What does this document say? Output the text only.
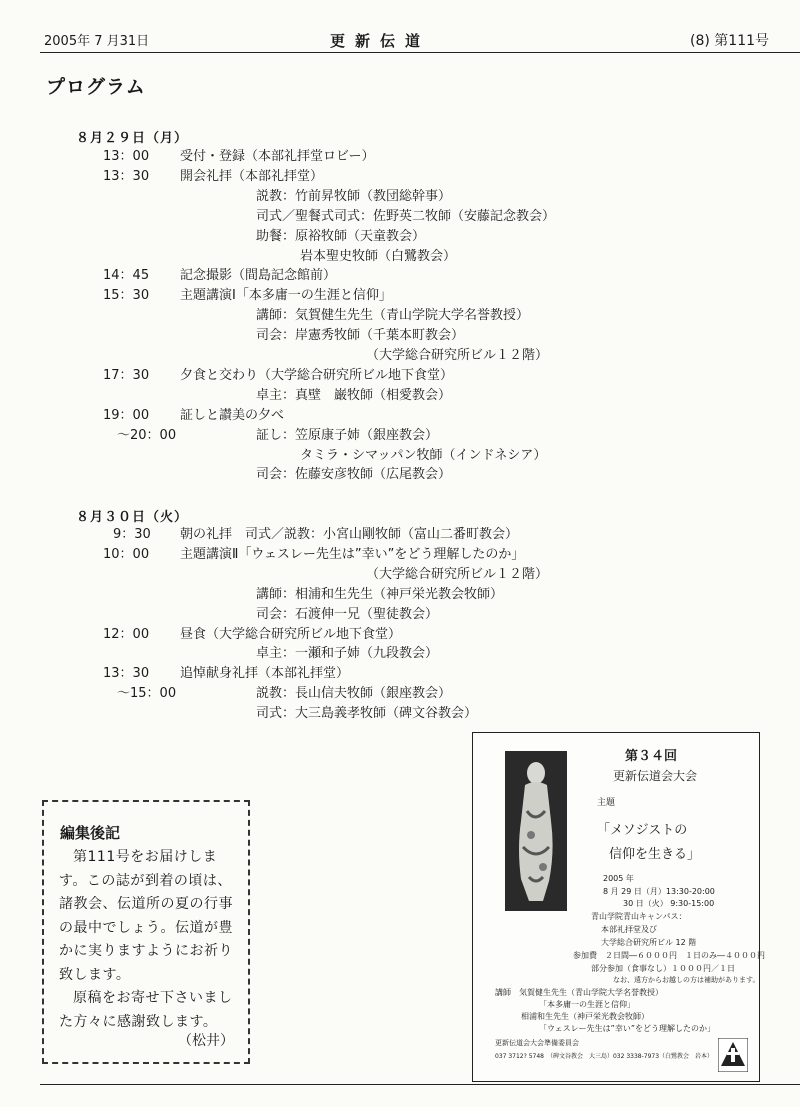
2005年 7 月31日	更新伝道	(8) 第111号
プログラム
８月２９日（月）
13：00 受付・登録（本部礼拝堂ロビー）
13：30 開会礼拝（本部礼拝堂）
説教：竹前昇牧師（教団総幹事）
司式／聖餐式司式：佐野英二牧師（安藤記念教会）
助餐：原裕牧師（天童教会）
岩本聖史牧師（白鷺教会）
14：45 記念撮影（間島記念館前）
15：30 主題講演Ⅰ「本多庸一の生涯と信仰」
講師：気賀健生先生（青山学院大学名誉教授）
司会：岸憲秀牧師（千葉本町教会）
（大学総合研究所ビル１２階）
17：30 夕食と交わり（大学総合研究所ビル地下食堂）
卓主：真壁　巌牧師（相愛教会）
19：00 証しと讃美の夕べ
～20：00	証し：笠原康子姉（銀座教会）
タミラ・シマッパン牧師（インドネシア）
司会：佐藤安彦牧師（広尾教会）
８月３０日（火）
9：30 朝の礼拝　司式／説教：小宮山剛牧師（富山二番町教会）
10：00 主題講演Ⅱ「ウェスレー先生は”幸い”をどう理解したのか」
（大学総合研究所ビル１２階）
講師：相浦和生先生（神戸栄光教会牧師）
司会：石渡伸一兄（聖徒教会）
12：00 昼食（大学総合研究所ビル地下食堂）
卓主：一瀬和子姉（九段教会）
13：30 追悼献身礼拝（本部礼拝堂）
～15：00	説教：長山信夫牧師（銀座教会）
司式：大三島義孝牧師（碑文谷教会）
編集後記

第111号をお届けします。この誌が到着の頃は、諸教会、伝道所の夏の行事の最中でしょう。伝道が豊かに実りますようにお祈り致します。

原稿をお寄せ下さいました方々に感謝致します。

（松井）
第３４回
更新伝道会大会
主題
「メソジストの
信仰を生きる」
2005 年
8 月 29 日（月）13:30-20:00
30 日（火） 9:30-15:00
青山学院青山キャンパス：
本部礼拝堂及び
大学総合研究所ビル 12 階
参加費　２日間―６０００円　１日のみ―４０００円
部分参加（食事なし）１０００円／１日
なお、遠方からお越しの方は補助があります。
講師　気賀健生先生（青山学院大学名誉教授）
「本多庸一の生涯と信仰」
相浦和生先生（神戸栄光教会牧師）
「ウェスレー先生は”幸い”をどう理解したのか」
更新伝道会大会準備委員会
037 3712? 5748　（碑文谷教会　大三島）032 3338-7973（白鷺教会　岩本）
